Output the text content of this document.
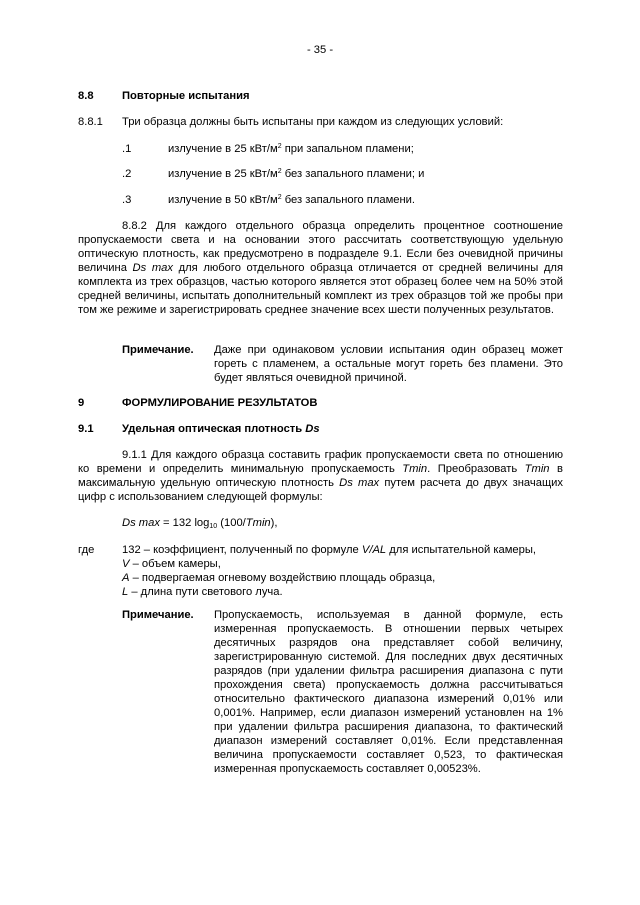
- 35 -
8.8	Повторные испытания
8.8.1 Три образца должны быть испытаны при каждом из следующих условий:
.1	излучение в 25 кВт/$м^2$ при запальном пламени;
.2	излучение в 25 кВт/$м^2$ без запального пламени; и
.3	излучение в 50 кВт/$м^2$ без запального пламени.
8.8.2 Для каждого отдельного образца определить процентное соотношение пропускаемости света и на основании этого рассчитать соответствующую удельную оптическую плотность, как предусмотрено в подразделе 9.1. Если без очевидной причины величина Ds max для любого отдельного образца отличается от средней величины для комплекта из трех образцов, частью которого является этот образец более чем на 50% этой средней величины, испытать дополнительный комплект из трех образцов той же пробы при том же режиме и зарегистрировать среднее значение всех шести полученных результатов.
Примечание. Даже при одинаковом условии испытания один образец может гореть с пламенем, а остальные могут гореть без пламени. Это будет являться очевидной причиной.
9	ФОРМУЛИРОВАНИЕ РЕЗУЛЬТАТОВ
9.1	Удельная оптическая плотность Ds
9.1.1 Для каждого образца составить график пропускаемости света по отношению ко времени и определить минимальную пропускаемость Tmin. Преобразовать Tmin в максимальную удельную оптическую плотность Ds max путем расчета до двух значащих цифр с использованием следующей формулы:
Ds max = 132 $\log_{10} (100/Tmin)$,
где 132 – коэффициент, полученный по формуле V/AL для испытательной камеры,
V – объем камеры,
A – подвергаемая огневому воздействию площадь образца,
L – длина пути светового луча.
Примечание. Пропускаемость, используемая в данной формуле, есть измеренная пропускаемость. В отношении первых четырех десятичных разрядов она представляет собой величину, зарегистрированную системой. Для последних двух десятичных разрядов (при удалении фильтра расширения диапазона с пути прохождения света) пропускаемость должна рассчитываться относительно фактического диапазона измерений 0,01% или 0,001%. Например, если диапазон измерений установлен на 1% при удалении фильтра расширения диапазона, то фактический диапазон измерений составляет 0,01%. Если представленная величина пропускаемости составляет 0,523, то фактическая измеренная пропускаемость составляет 0,00523%.
